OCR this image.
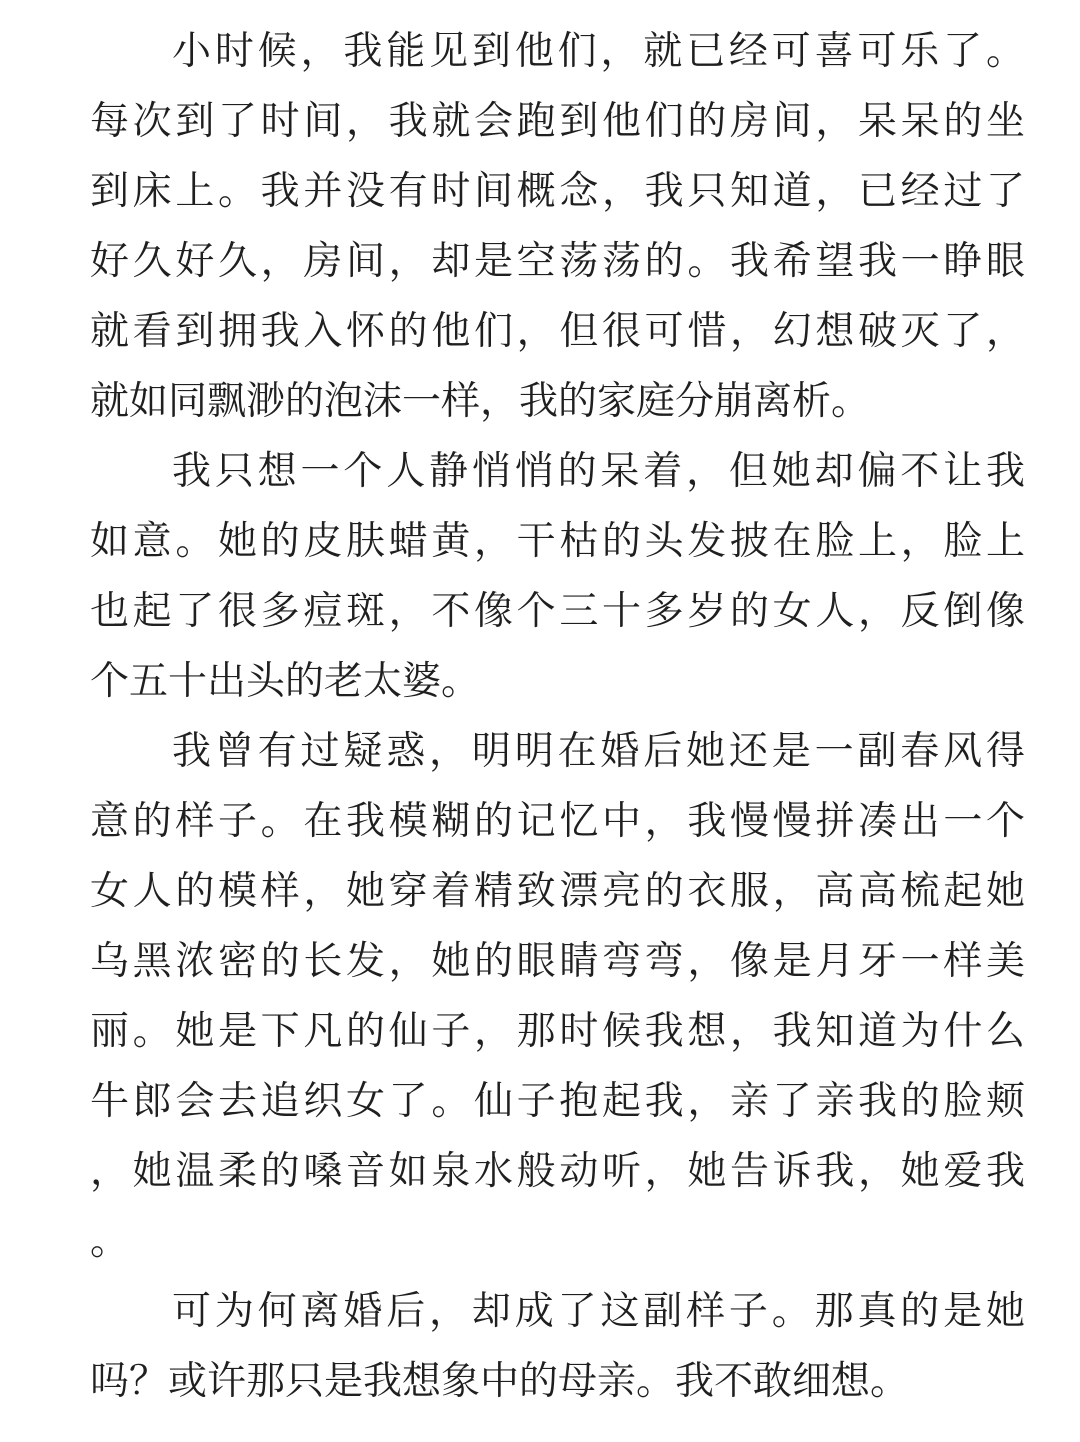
小时候，我能见到他们，就已经可喜可乐了。
每次到了时间，我就会跑到他们的房间，呆呆的坐
到床上。我并没有时间概念，我只知道，已经过了
好久好久，房间，却是空荡荡的。我希望我一睁眼
就看到拥我入怀的他们，但很可惜，幻想破灭了，
就如同飘渺的泡沫一样，我的家庭分崩离析。
我只想一个人静悄悄的呆着，但她却偏不让我
如意。她的皮肤蜡黄，干枯的头发披在脸上，脸上
也起了很多痘斑，不像个三十多岁的女人，反倒像
个五十出头的老太婆。
我曾有过疑惑，明明在婚后她还是一副春风得
意的样子。在我模糊的记忆中，我慢慢拼凑出一个
女人的模样，她穿着精致漂亮的衣服，高高梳起她
乌黑浓密的长发，她的眼睛弯弯，像是月牙一样美
丽。她是下凡的仙子，那时候我想，我知道为什么
牛郎会去追织女了。仙子抱起我，亲了亲我的脸颊
，她温柔的嗓音如泉水般动听，她告诉我，她爱我
。
可为何离婚后，却成了这副样子。那真的是她
吗？或许那只是我想象中的母亲。我不敢细想。
